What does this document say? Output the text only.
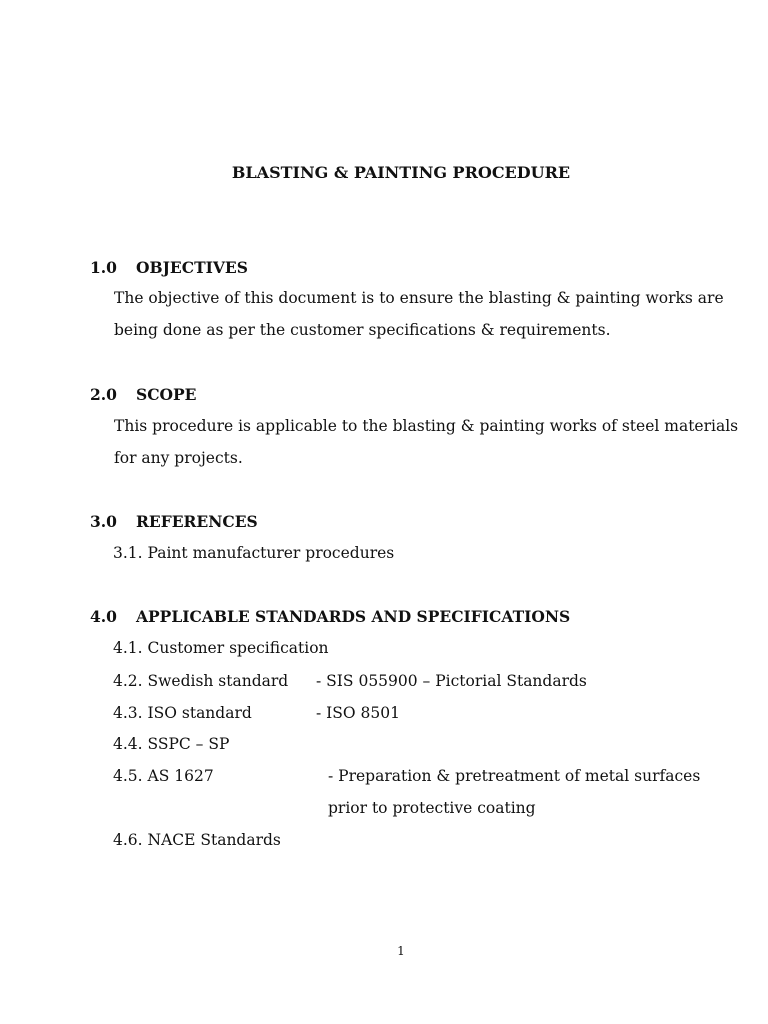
BLASTING & PAINTING PROCEDURE
1.0 OBJECTIVES
The objective of this document is to ensure the blasting & painting works are
being done as per the customer specifications & requirements.
2.0 SCOPE
This procedure is applicable to the blasting & painting works of steel materials
for any projects.
3.0 REFERENCES
3.1. Paint manufacturer procedures
4.0 APPLICABLE STANDARDS AND SPECIFICATIONS
4.1. Customer specification
4.2. Swedish standard - SIS 055900 – Pictorial Standards
4.3. ISO standard	- ISO 8501
4.4. SSPC – SP
4.5. AS 1627	- Preparation & pretreatment of metal surfaces
prior to protective coating
4.6. NACE Standards
1
